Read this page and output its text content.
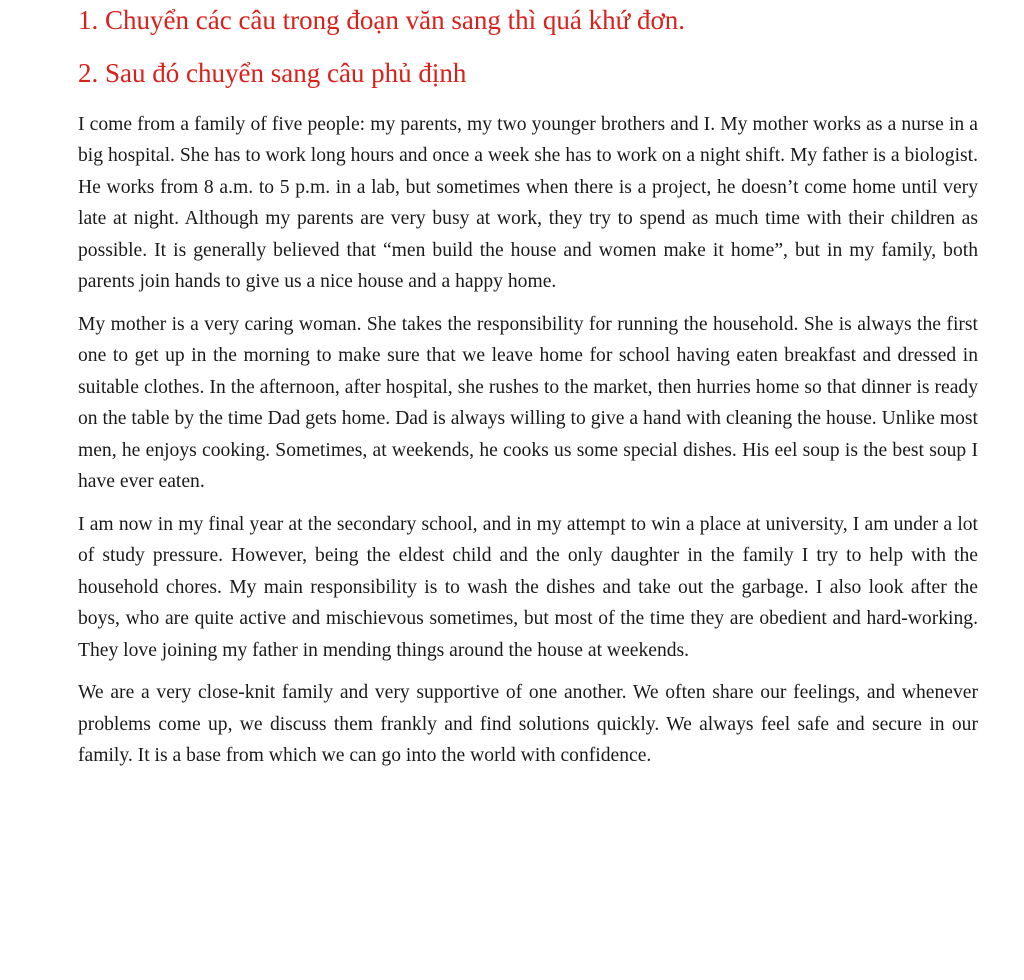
1. Chuyển các câu trong đoạn văn sang thì quá khứ đơn.

2. Sau đó chuyển sang câu phủ định

I come from a family of five people: my parents, my two younger brothers and I. My mother works as a nurse in a big hospital. She has to work long hours and once a week she has to work on a night shift. My father is a biologist. He works from 8 a.m. to 5 p.m. in a lab, but sometimes when there is a project, he doesn’t come home until very late at night. Although my parents are very busy at work, they try to spend as much time with their children as possible. It is generally believed that “men build the house and women make it home”, but in my family, both parents join hands to give us a nice house and a happy home.

My mother is a very caring woman. She takes the responsibility for running the household. She is always the first one to get up in the morning to make sure that we leave home for school having eaten breakfast and dressed in suitable clothes. In the afternoon, after hospital, she rushes to the market, then hurries home so that dinner is ready on the table by the time Dad gets home. Dad is always willing to give a hand with cleaning the house. Unlike most men, he enjoys cooking. Sometimes, at weekends, he cooks us some special dishes. His eel soup is the best soup I have ever eaten.

I am now in my final year at the secondary school, and in my attempt to win a place at university, I am under a lot of study pressure. However, being the eldest child and the only daughter in the family I try to help with the household chores. My main responsibility is to wash the dishes and take out the garbage. I also look after the boys, who are quite active and mischievous sometimes, but most of the time they are obedient and hard-working. They love joining my father in mending things around the house at weekends.

We are a very close-knit family and very supportive of one another. We often share our feelings, and whenever problems come up, we discuss them frankly and find solutions quickly. We always feel safe and secure in our family. It is a base from which we can go into the world with confidence.
